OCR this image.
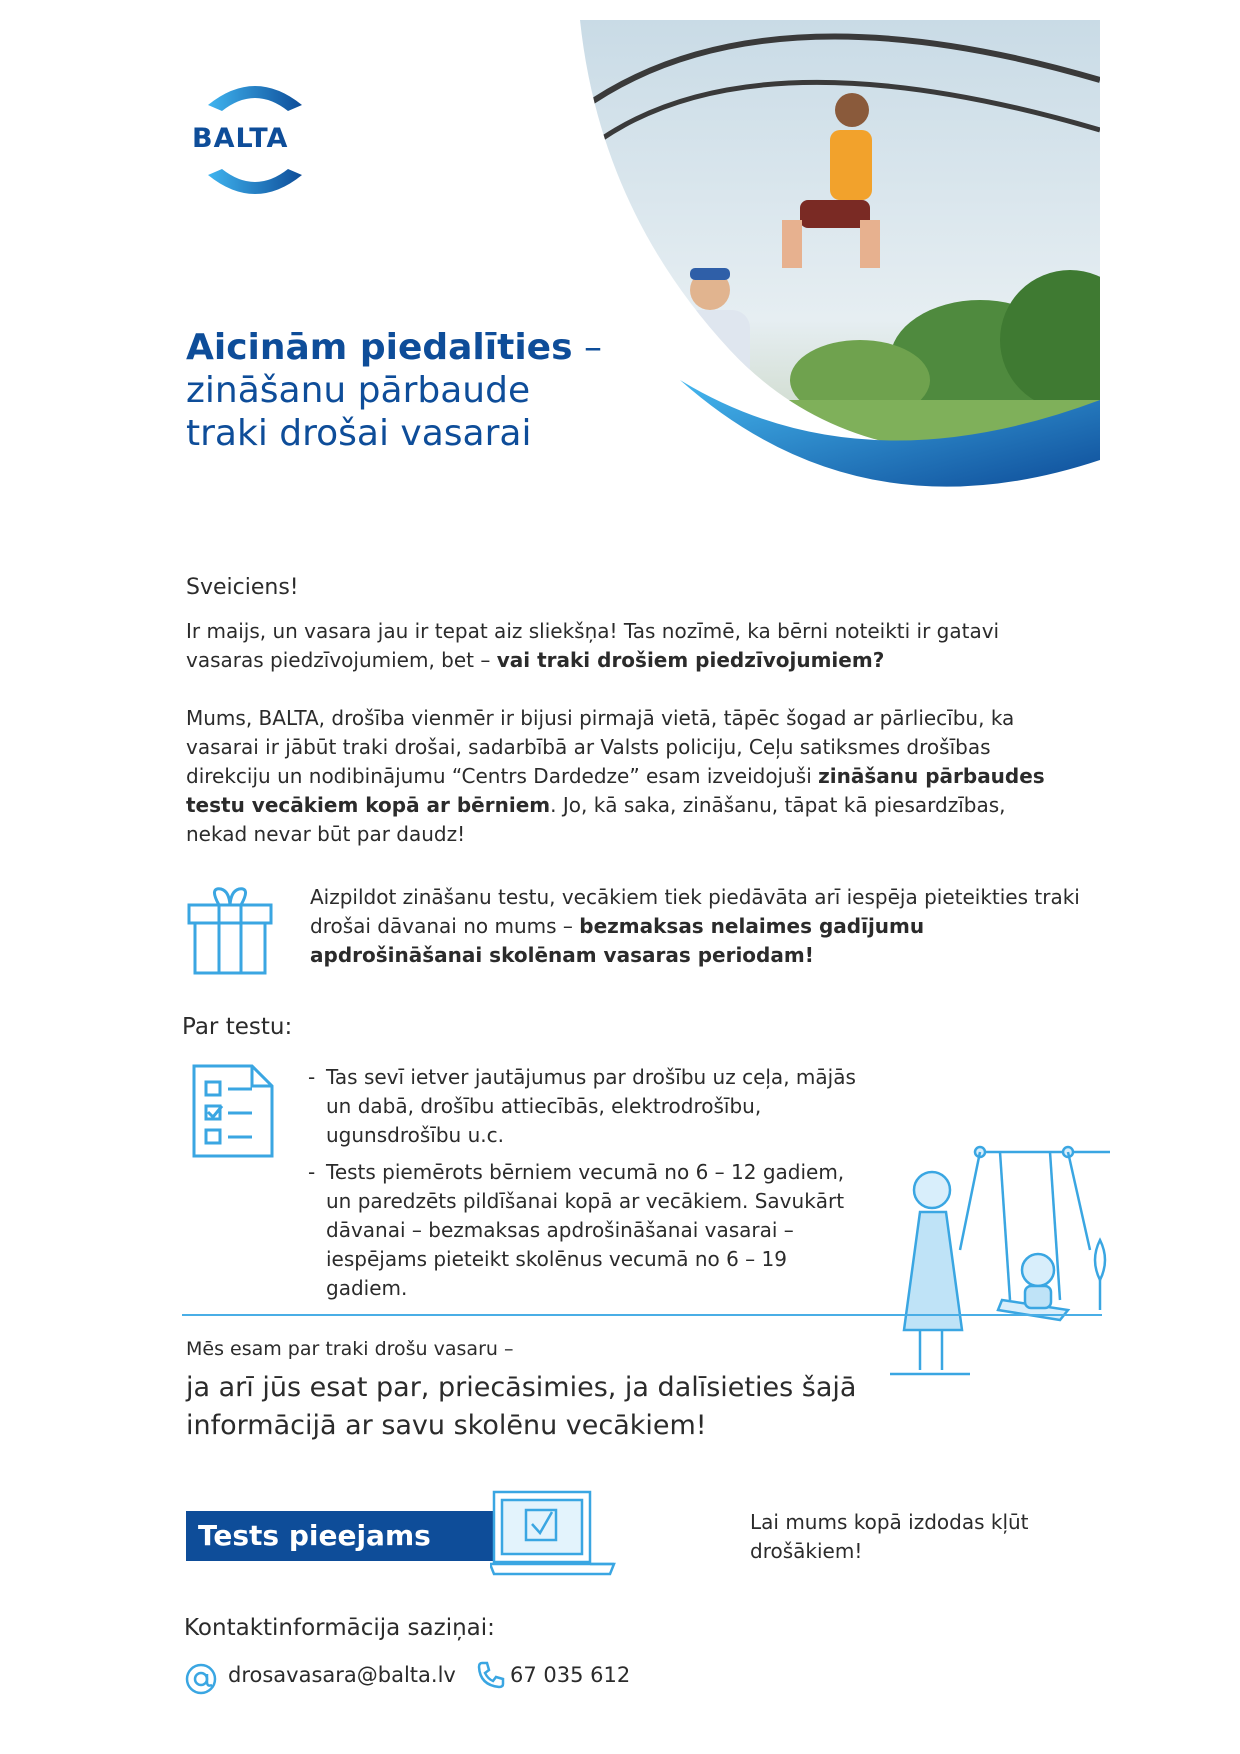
BALTA
Aicinām piedalīties –
zināšanu pārbaude
traki drošai vasarai
Sveiciens!

Ir maijs, un vasara jau ir tepat aiz sliekšņa! Tas nozīmē, ka bērni noteikti ir gatavi vasaras piedzīvojumiem, bet – vai traki drošiem piedzīvojumiem?

Mums, BALTA, drošība vienmēr ir bijusi pirmajā vietā, tāpēc šogad ar pārliecību, ka vasarai ir jābūt traki drošai, sadarbībā ar Valsts policiju, Ceļu satiksmes drošības direkciju un nodibinājumu “Centrs Dardedze” esam izveidojuši zināšanu pārbaudes testu vecākiem kopā ar bērniem. Jo, kā saka, zināšanu, tāpat kā piesardzības, nekad nevar būt par daudz!

Aizpildot zināšanu testu, vecākiem tiek piedāvāta arī iespēja pieteikties traki drošai dāvanai no mums – bezmaksas nelaimes gadījumu apdrošināšanai skolēnam vasaras periodam!

Par testu:
- Tas sevī ietver jautājumus par drošību uz ceļa, mājās un dabā, drošību attiecībās, elektrodrošību, ugunsdrošību u.c.
- Tests piemērots bērniem vecumā no 6 – 12 gadiem, un paredzēts pildīšanai kopā ar vecākiem. Savukārt dāvanai – bezmaksas apdrošināšanai vasarai – iespējams pieteikt skolēnus vecumā no 6 – 19 gadiem.
Mēs esam par traki drošu vasaru –
ja arī jūs esat par, priecāsimies, ja dalīsieties šajā informācijā ar savu skolēnu vecākiem!
Tests pieejams ŠEIT
Lai mums kopā izdodas kļūt drošākiem!
Kontaktinformācija saziņai:
drosavasara@balta.lv	67 035 612
